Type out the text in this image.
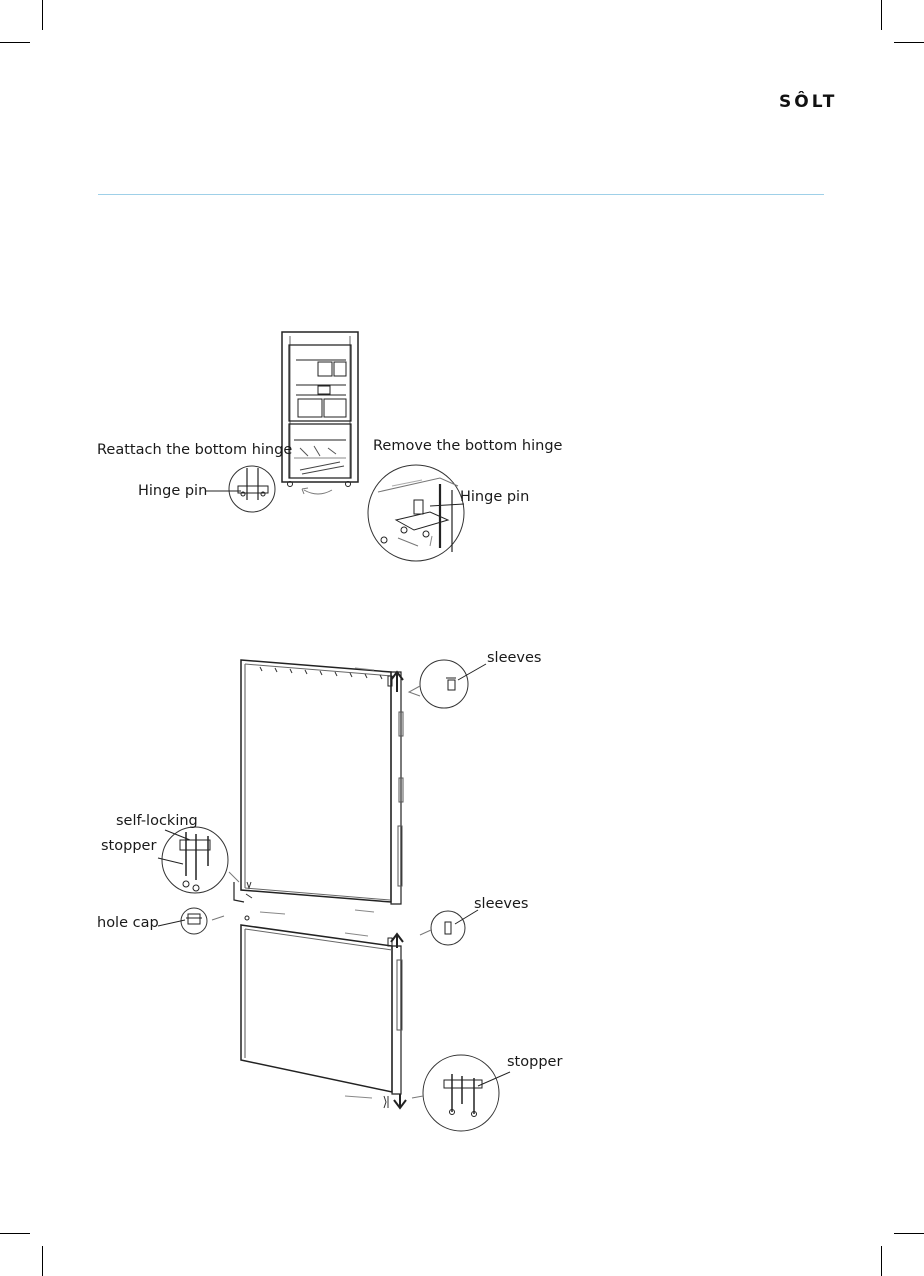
SÔLT
Reattach the bottom hinge	Remove the bottom hinge
Hinge pin	Hinge pin
sleeves
self-locking
stopper
hole cap
sleeves
stopper
